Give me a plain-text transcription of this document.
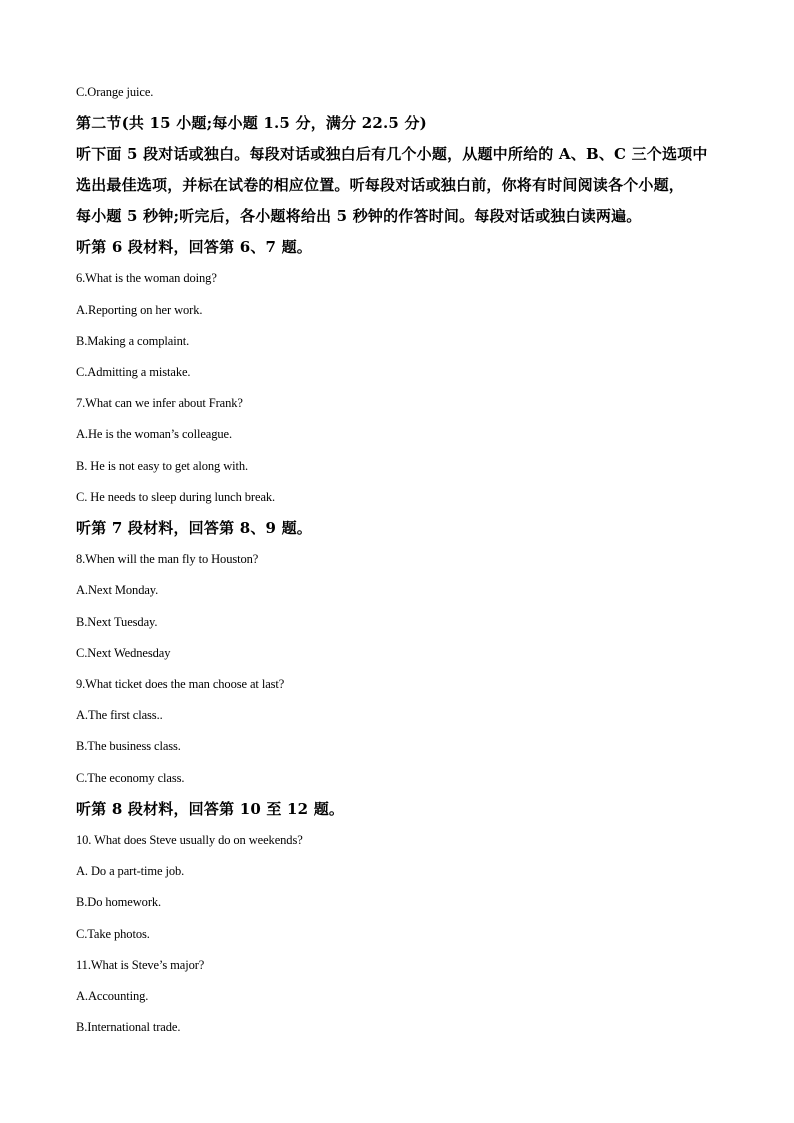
C.Orange juice.
第二节(共 15 小题;每小题 1.5 分，满分 22.5 分)
听下面 5 段对话或独白。每段对话或独白后有几个小题，从题中所给的 A、B、C 三个选项中
选出最佳选项，并标在试卷的相应位置。听每段对话或独白前，你将有时间阅读各个小题，
每小题 5 秒钟;听完后，各小题将给出 5 秒钟的作答时间。每段对话或独白读两遍。
听第 6 段材料，回答第 6、7 题。
6.What is the woman doing?
A.Reporting on her work.
B.Making a complaint.
C.Admitting a mistake.
7.What can we infer about Frank?
A.He is the woman’s colleague.
B. He is not easy to get along with.
C. He needs to sleep during lunch break.
听第 7 段材料，回答第 8、9 题。
8.When will the man fly to Houston?
A.Next Monday.
B.Next Tuesday.
C.Next Wednesday
9.What ticket does the man choose at last?
A.The first class..
B.The business class.
C.The economy class.
听第 8 段材料，回答第 10 至 12 题。
10. What does Steve usually do on weekends?
A. Do a part-time job.
B.Do homework.
C.Take photos.
11.What is Steve’s major?
A.Accounting.
B.International trade.
